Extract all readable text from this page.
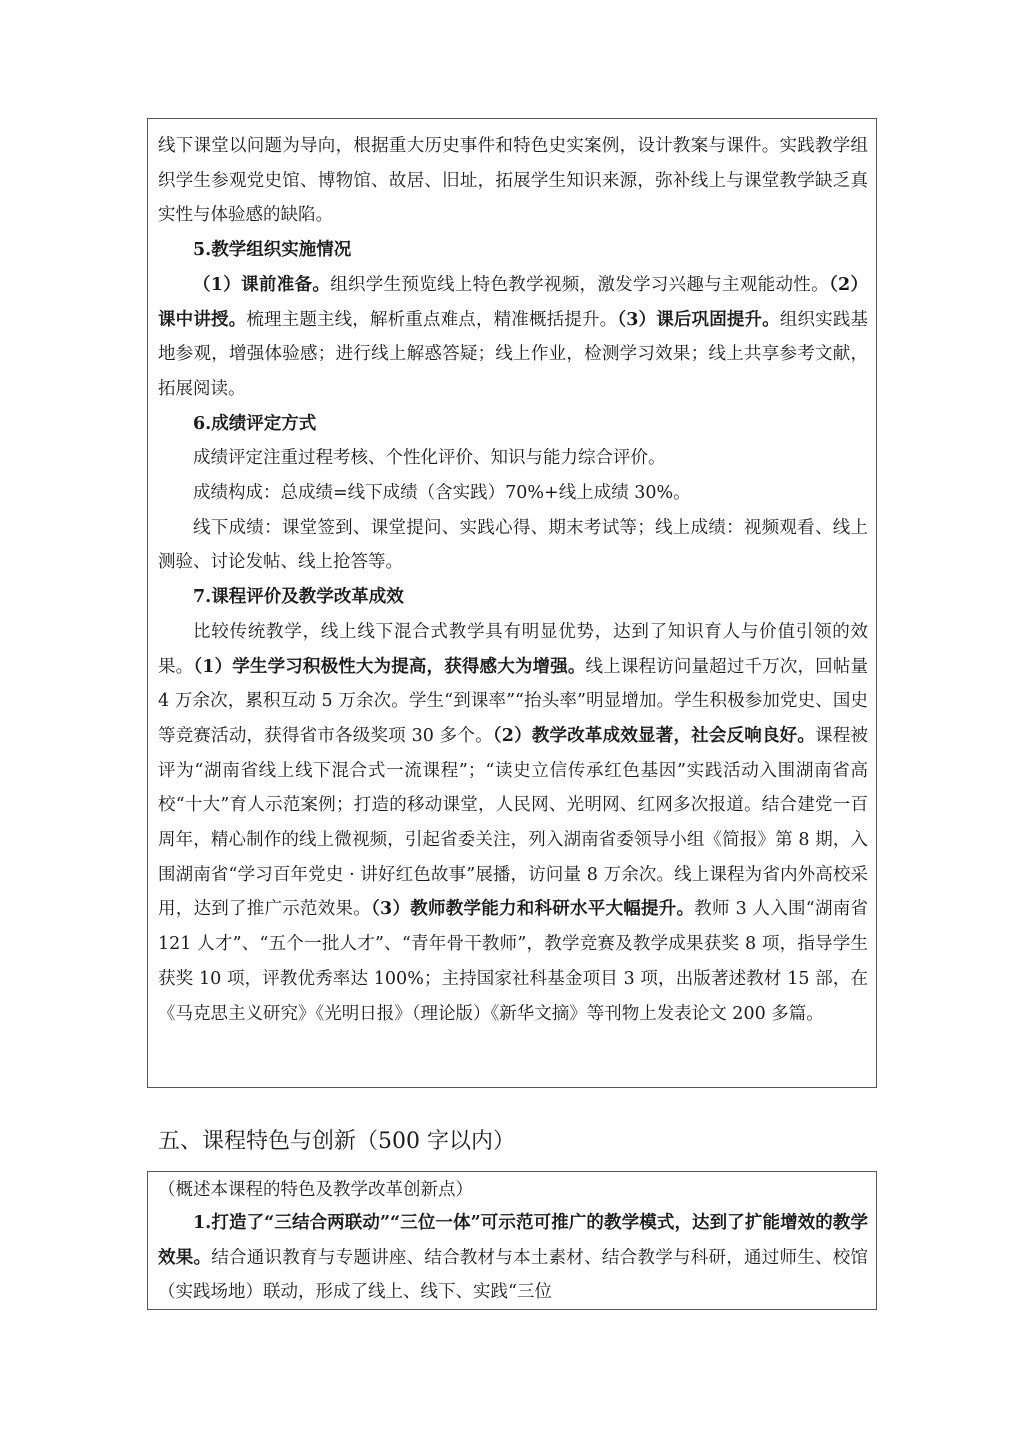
线下课堂以问题为导向，根据重大历史事件和特色史实案例，设计教案与课件。实践教学组织学生参观党史馆、博物馆、故居、旧址，拓展学生知识来源，弥补线上与课堂教学缺乏真实性与体验感的缺陷。

5.教学组织实施情况

（1）课前准备。组织学生预览线上特色教学视频，激发学习兴趣与主观能动性。（2）课中讲授。梳理主题主线，解析重点难点，精准概括提升。（3）课后巩固提升。组织实践基地参观，增强体验感；进行线上解惑答疑；线上作业，检测学习效果；线上共享参考文献，拓展阅读。

6.成绩评定方式

成绩评定注重过程考核、个性化评价、知识与能力综合评价。

成绩构成：总成绩=线下成绩（含实践）70%+线上成绩 30%。

线下成绩：课堂签到、课堂提问、实践心得、期末考试等；线上成绩：视频观看、线上测验、讨论发帖、线上抢答等。

7.课程评价及教学改革成效

比较传统教学，线上线下混合式教学具有明显优势，达到了知识育人与价值引领的效果。（1）学生学习积极性大为提高，获得感大为增强。线上课程访问量超过千万次，回帖量 4 万余次，累积互动 5 万余次。学生“到课率”“抬头率”明显增加。学生积极参加党史、国史等竞赛活动，获得省市各级奖项 30 多个。（2）教学改革成效显著，社会反响良好。课程被评为“湖南省线上线下混合式一流课程”；“读史立信传承红色基因”实践活动入围湖南省高校“十大”育人示范案例；打造的移动课堂，人民网、光明网、红网多次报道。结合建党一百周年，精心制作的线上微视频，引起省委关注，列入湖南省委领导小组《简报》第 8 期，入围湖南省“学习百年党史 · 讲好红色故事”展播，访问量 8 万余次。线上课程为省内外高校采用，达到了推广示范效果。（3）教师教学能力和科研水平大幅提升。教师 3 人入围“湖南省 121 人才”、“五个一批人才”、“青年骨干教师”，教学竞赛及教学成果获奖 8 项，指导学生获奖 10 项，评教优秀率达 100%；主持国家社科基金项目 3 项，出版著述教材 15 部，在《马克思主义研究》《光明日报》（理论版）《新华文摘》等刊物上发表论文 200 多篇。

五、课程特色与创新（500 字以内）

（概述本课程的特色及教学改革创新点）

1.打造了“三结合两联动”“三位一体”可示范可推广的教学模式，达到了扩能增效的教学效果。结合通识教育与专题讲座、结合教材与本土素材、结合教学与科研，通过师生、校馆（实践场地）联动，形成了线上、线下、实践“三位
